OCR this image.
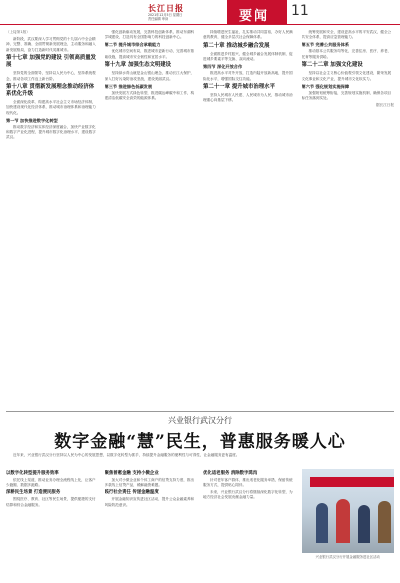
长江日报
2021年12月5日 星期日
责任编辑 审读	要闻 11
（上接第1版）

新阶段，武汉要深入学习贯彻党的十九届六中全会精神，完整、准确、全面贯彻新发展理念，主动服务和融入新发展格局，奋力打造新时代英雄城市。

第十七章 加强党的建设 引领高质量发展

坚持党的全面领导，坚持以人民为中心，坚持系统观念，推动各项工作迈上新台阶。

第十八章 贯彻新发展理念推动经济体系优化升级

全面深化改革，构建高水平社会主义市场经济体制，加快建设现代化经济体系，推动城市治理体系和治理能力现代化。

第一节 加快推进数字化转型

推动数字经济和实体经济深度融合，加快产业数字化和数字产业化进程，提升城市数字化治理水平，建设数字武汉。

强化创新驱动发展，完善科技创新体系，推动东湖科学城建设，打造具有全国影响力的科技创新中心。

第二节 提升城市综合承载能力

优化城市空间布局，推进城市更新行动，完善城市基础设施，提高城市安全韧性和宜居水平。

第十九章 加强生态文明建设

坚持绿水青山就是金山银山理念，推动长江大保护，深入打好污染防治攻坚战，建设美丽武汉。

第三节 推进绿色低碳发展

加快发展方式绿色转型，推进碳达峰碳中和工作，构建清洁低碳安全高效的能源体系。

持续增进民生福祉，扎实推动共同富裕，办好人民满意的教育，健全多层次社会保障体系。

第二十章 推动城乡融合发展

全面推进乡村振兴，健全城乡融合发展体制机制，促进城乡要素平等交换、双向流动。

第四节 深化开放合作

推进高水平对外开放，打造内陆开放新高地，提升国际化水平，增强国际交往功能。

第二十一章 提升城市治理水平

坚持人民城市人民建、人民城市为人民，推动城市治理重心向基层下移。

统筹发展和安全，建设更高水平的平安武汉，健全公共安全体系，提高应急管理能力。

第五节 完善公共服务体系

推动基本公共服务均等化，完善住房、医疗、养老、托育等服务供给。

第二十二章 加强文化建设

坚持以社会主义核心价值观引领文化建设，繁荣发展文化事业和文化产业，提升城市文化软实力。

第六节 强化规划实施保障

加强规划统筹衔接，完善规划实施机制，确保各项目标任务落到实处。

据长江日报
兴业银行武汉分行
数字金融“慧”民生，普惠服务暖人心
近年来，兴业银行武汉分行坚持以人民为中心的发展思想，以数字化转型为抓手，持续提升金融服务的便利性与可得性，让金融服务更有温度。
以数字化转型提升服务效率

依托线上渠道，推动业务办理全流程线上化，让客户少跑腿、数据多跑路。

深耕民生场景 打造便民服务

围绕医疗、教育、社区等民生场景，提供便捷的支付结算和综合金融服务。

聚焦普惠金融 支持小微企业

加大对小微企业和个体工商户的信贷支持力度，推出多款线上信贷产品，缓解融资难题。

践行社会责任 传递金融温度

开展金融知识宣传进社区活动，提升公众金融素养和风险防范意识。

优化适老服务 消除数字鸿沟

针对老年客户群体，推出适老化服务举措，保留传统服务方式，提供贴心陪伴。

未来，兴业银行武汉分行将继续深化数字化转型，为地方经济社会发展贡献金融力量。

兴业银行武汉分行开展金融服务进社区活动
